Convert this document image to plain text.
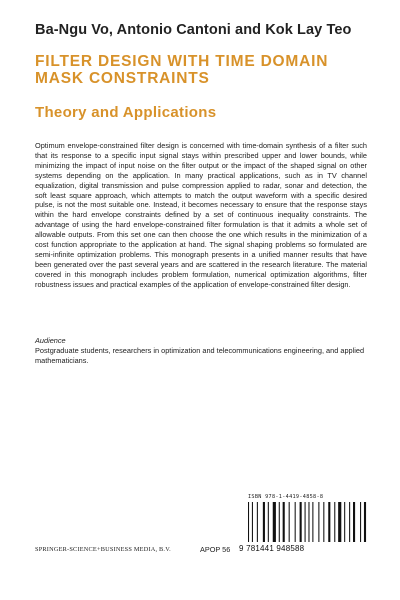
Ba-Ngu Vo, Antonio Cantoni and Kok Lay Teo
FILTER DESIGN WITH TIME DOMAIN
MASK CONSTRAINTS
Theory and Applications
Optimum envelope-constrained filter design is concerned with time-domain synthesis of a filter such that its response to a specific input signal stays within prescribed upper and lower bounds, while minimizing the impact of input noise on the filter output or the impact of the shaped signal on other systems depending on the application. In many practical applications, such as in TV channel equalization, digital transmission and pulse compression applied to radar, sonar and detection, the soft least square approach, which attempts to match the output waveform with a specific desired pulse, is not the most suitable one. Instead, it becomes necessary to ensure that the response stays within the hard envelope constraints defined by a set of continuous inequality constraints. The advantage of using the hard envelope-constrained filter formulation is that it admits a whole set of allowable outputs. From this set one can then choose the one which results in the minimization of a cost function appropriate to the application at hand. The signal shaping problems so formulated are semi-infinite optimization problems. This monograph presents in a unified manner results that have been generated over the past several years and are scattered in the research literature. The material covered in this monograph includes problem formulation, numerical optimization algorithms, filter robustness issues and practical examples of the application of envelope-constrained filter design.
Audience
Postgraduate students, researchers in optimization and telecommunications engineering, and applied mathematicians.
ISBN 978-1-4419-4858-8
9 781441 948588
SPRINGER-SCIENCE+BUSINESS MEDIA, B.V.	APOP 56
